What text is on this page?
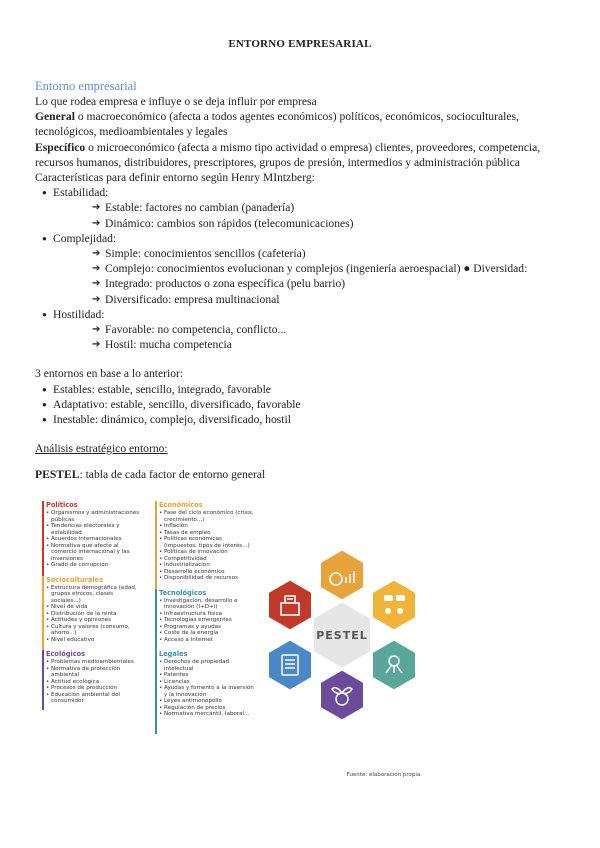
ENTORNO EMPRESARIAL

Entorno empresarial

Lo que rodea empresa e influye o se deja influir por empresa

General o macroeconómico (afecta a todos agentes económicos) políticos, económicos, socioculturales, tecnológicos, medioambientales y legales

Específico o microeconómico (afecta a mismo tipo actividad o empresa) clientes, proveedores, competencia, recursos humanos, distribuidores, prescriptores, grupos de presión, intermedios y administración pública

Características para definir entorno según Henry MIntzberg:

● Estabilidad:
➔ Estable: factores no cambian (panadería)
➔ Dinámico: cambios son rápidos (telecomunicaciones)
● Complejidad:
➔ Simple: conocimientos sencillos (cafetería)
➔ Complejo: conocimientos evolucionan y complejos (ingeniería aeroespacial) ● Diversidad:
➔ Integrado: productos o zona específica (pelu barrio)
➔ Diversificado: empresa multinacional
● Hostilidad:
➔ Favorable: no competencia, conflicto...
➔ Hostil: mucha competencia

3 entornos en base a lo anterior:

● Estables: estable, sencillo, integrado, favorable
● Adaptativo: estable, sencillo, diversificado, favorable
● Inestable: dinámico, complejo, diversificado, hostil

Análisis estratégico entorno:

PESTEL: tabla de cada factor de entorno general

Políticos
• Organismos y administraciones públicas
• Tendencias electorales y estabilidad
• Acuerdos internacionales
• Normativa que afecte al comercio internacional y las inversiones
• Grado de corrupción
Socioculturales
• Estructura demográfica (edad, grupos étnicos, clases sociales...)
• Nivel de vida
• Distribución de la renta
• Actitudes y opiniones
• Cultura y valores (consumo, ahorro...)
• Nivel educativo
Ecológicos
• Problemas medioambientales
• Normativa de protección ambiental
• Actitud ecológica
• Procesos de producción
• Educación ambiental del consumidor
Económicos
• Fase del ciclo económico (crisis, crecimiento...)
• Inflación
• Tasas de empleo
• Políticas económicas (impuestos, tipos de interés...)
• Políticas de innovación
• Competitividad
• Industrialización
• Desarrollo económico
• Disponibilidad de recursos
Tecnológicos
• Investigación, desarrollo e innovación (I+D+i)
• Infraestructura física
• Tecnologías emergentes
• Programas y ayudas
• Coste de la energía
• Acceso a Internet
Legales
• Derechos de propiedad intelectual
• Patentes
• Licencias
• Ayudas y fomento a la inversión y la innovación
• Leyes antimonopolio
• Regulación de precios
• Normativa mercantil, laboral...
PESTEL
Fuente: elaboración propia.
